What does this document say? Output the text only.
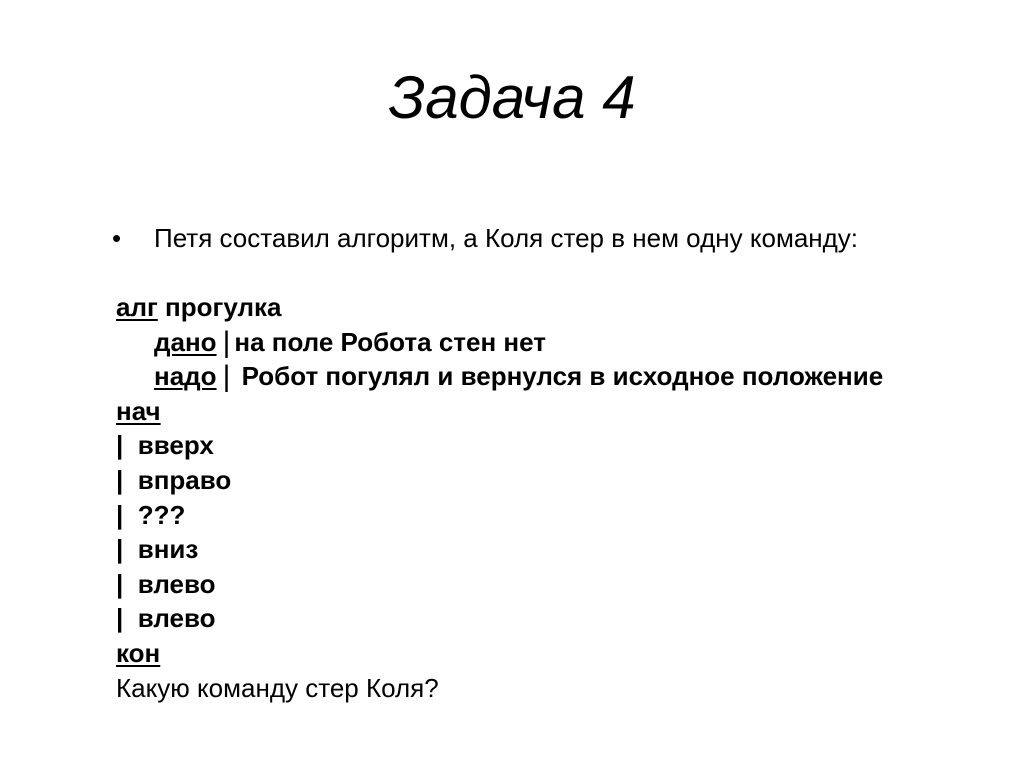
Задача 4
• Петя составил алгоритм, а Коля стер в нем одну команду:
алг прогулка
дано | на поле Робота стен нет
надо | Робот погулял и вернулся в исходное положение
нач
| вверх
| вправо
| ???
| вниз
| влево
| влево
кон
Какую команду стер Коля?
